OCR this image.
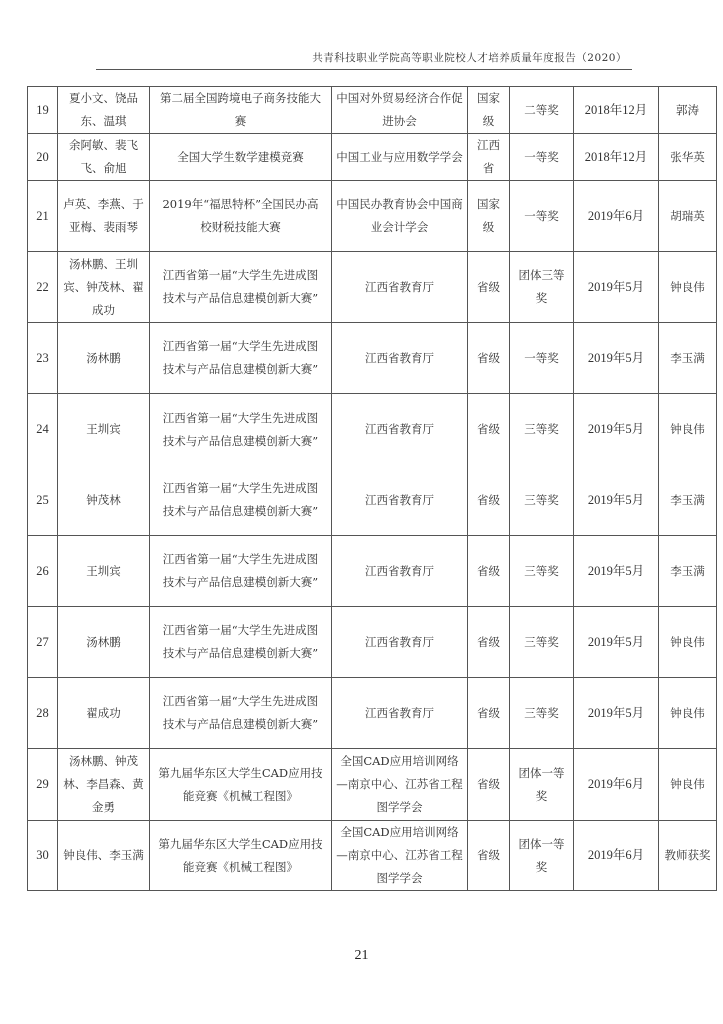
共青科技职业学院高等职业院校人才培养质量年度报告（2020）
19	夏小文、饶品东、温琪	第二届全国跨境电子商务技能大赛	中国对外贸易经济合作促进协会	国家级	二等奖	2018年12月	郭涛
20	余阿敏、裴飞飞、俞旭	全国大学生数学建模竞赛	中国工业与应用数学学会	江西省	一等奖	2018年12月	张华英
21	卢英、李燕、于亚梅、裴雨琴	2019年“福思特杯”全国民办高校财税技能大赛	中国民办教育协会中国商业会计学会	国家级	一等奖	2019年6月	胡瑞英
22	汤林鹏、王圳宾、钟茂林、翟成功	江西省第一届“大学生先进成图技术与产品信息建模创新大赛”	江西省教育厅	省级	团体三等奖	2019年5月	钟良伟
23	汤林鹏	江西省第一届“大学生先进成图技术与产品信息建模创新大赛”	江西省教育厅	省级	一等奖	2019年5月	李玉满
24	王圳宾	江西省第一届“大学生先进成图技术与产品信息建模创新大赛”	江西省教育厅	省级	三等奖	2019年5月	钟良伟
25	钟茂林	江西省第一届“大学生先进成图技术与产品信息建模创新大赛”	江西省教育厅	省级	三等奖	2019年5月	李玉满
26	王圳宾	江西省第一届“大学生先进成图技术与产品信息建模创新大赛”	江西省教育厅	省级	三等奖	2019年5月	李玉满
27	汤林鹏	江西省第一届“大学生先进成图技术与产品信息建模创新大赛”	江西省教育厅	省级	三等奖	2019年5月	钟良伟
28	翟成功	江西省第一届“大学生先进成图技术与产品信息建模创新大赛”	江西省教育厅	省级	三等奖	2019年5月	钟良伟
29	汤林鹏、钟茂林、李昌森、黄金勇	第九届华东区大学生CAD应用技能竞赛《机械工程图》	全国CAD应用培训网络—南京中心、江苏省工程图学学会	省级	团体一等奖	2019年6月	钟良伟
30	钟良伟、李玉满	第九届华东区大学生CAD应用技能竞赛《机械工程图》	全国CAD应用培训网络—南京中心、江苏省工程图学学会	省级	团体一等奖	2019年6月	教师获奖
21
